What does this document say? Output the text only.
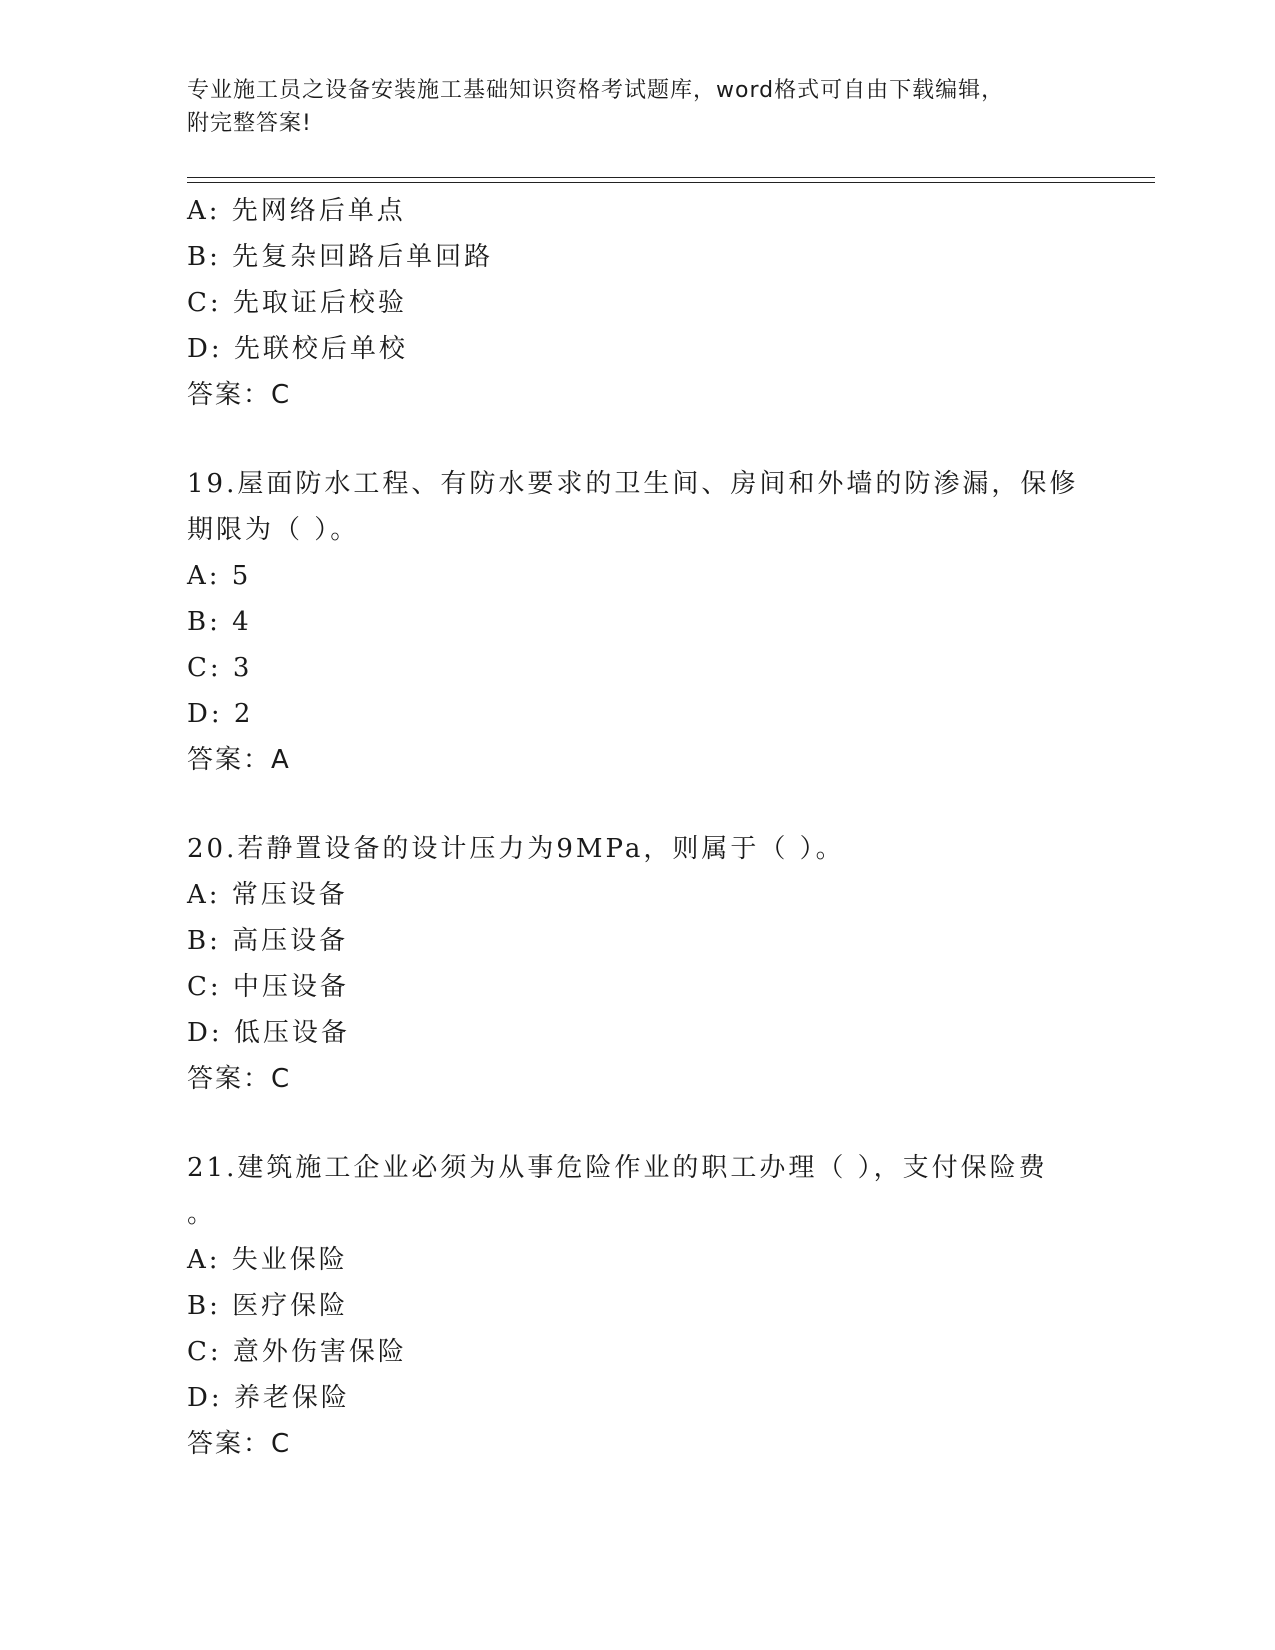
专业施工员之设备安装施工基础知识资格考试题库，word格式可自由下载编辑，
附完整答案!
A: 先网络后单点
B: 先复杂回路后单回路
C: 先取证后校验
D: 先联校后单校
答案：C
19.屋面防水工程、有防水要求的卫生间、房间和外墙的防渗漏，保修
期限为（ ）。
A: 5
B: 4
C: 3
D: 2
答案：A
20.若静置设备的设计压力为9MPa，则属于（ ）。
A: 常压设备
B: 高压设备
C: 中压设备
D: 低压设备
答案：C
21.建筑施工企业必须为从事危险作业的职工办理（ ），支付保险费
。
A: 失业保险
B: 医疗保险
C: 意外伤害保险
D: 养老保险
答案：C
